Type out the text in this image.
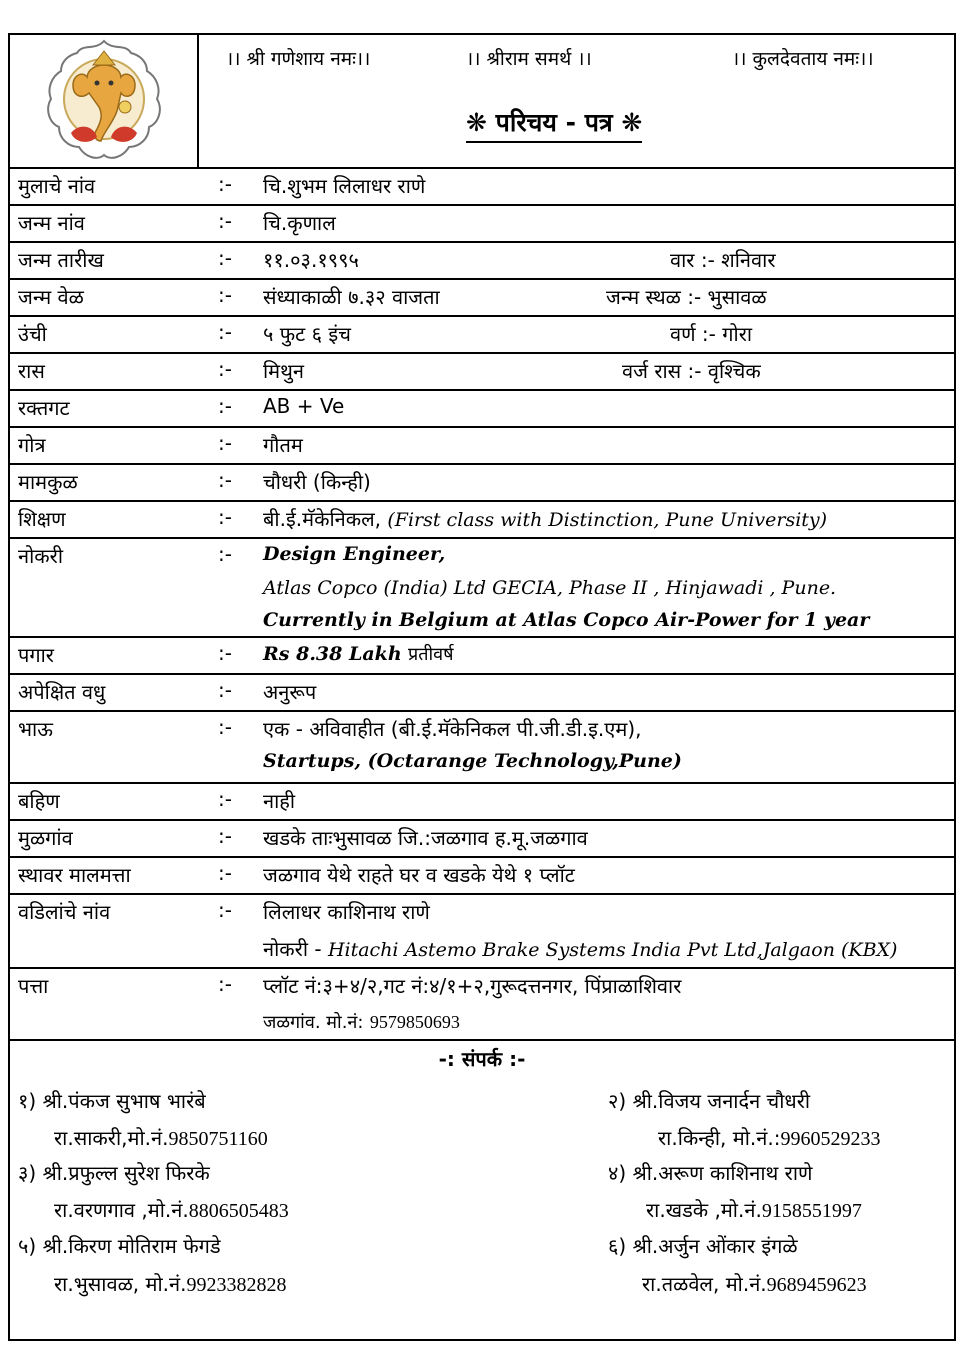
।। श्री गणेशाय नमः।।	।। श्रीराम समर्थ ।।	।। कुलदेवताय नमः।।
❋ परिचय - पत्र ❋
मुलाचे नांव	:- चि.शुभम लिलाधर राणे
जन्म नांव	:- चि.कृणाल
जन्म तारीख	:- ११.०३.१९९५	वार :- शनिवार
जन्म वेळ	:- संध्याकाळी ७.३२ वाजता	जन्म स्थळ :- भुसावळ
उंची	:- ५ फुट ६ इंच	वर्ण :- गोरा
रास	:- मिथुन	वर्ज रास :- वृश्चिक
रक्तगट	:- AB + Ve
गोत्र	:- गौतम
मामकुळ	:- चौधरी (किन्ही)
शिक्षण	:- बी.ई.मॅकेनिकल, (First class with Distinction, Pune University)
नोकरी	:- Design Engineer,
Atlas Copco (India) Ltd GECIA, Phase II , Hinjawadi , Pune.
Currently in Belgium at Atlas Copco Air-Power for 1 year
पगार	:- Rs 8.38 Lakh प्रतीवर्ष
अपेक्षित वधु	:- अनुरूप
भाऊ	:- एक - अविवाहीत (बी.ई.मॅकेनिकल पी.जी.डी.इ.एम),
Startups, (Octarange Technology,Pune)
बहिण	:- नाही
मुळगांव	:- खडके ताःभुसावळ जि.:जळगाव ह.मू.जळगाव
स्थावर मालमत्ता	:- जळगाव येथे राहते घर व खडके येथे १ प्लॉट
वडिलांचे नांव	:- लिलाधर काशिनाथ राणे
नोकरी - Hitachi Astemo Brake Systems India Pvt Ltd,Jalgaon (KBX)
पत्ता	:- प्लॉट नं:३+४/२,गट नं:४/१+२,गुरूदत्तनगर, पिंप्राळाशिवार
जळगांव. मो.नं: 9579850693
-: संपर्क :-
१) श्री.पंकज सुभाष भारंबे
रा.साकरी,मो.नं.9850751160
२) श्री.विजय जनार्दन चौधरी
रा.किन्ही, मो.नं.:9960529233
३) श्री.प्रफुल्ल सुरेश फिरके
रा.वरणगाव ,मो.नं.8806505483
४) श्री.अरूण काशिनाथ राणे
रा.खडके ,मो.नं.9158551997
५) श्री.किरण मोतिराम फेगडे
रा.भुसावळ, मो.नं.9923382828
६) श्री.अर्जुन ओंकार इंगळे
रा.तळवेल, मो.नं.9689459623
